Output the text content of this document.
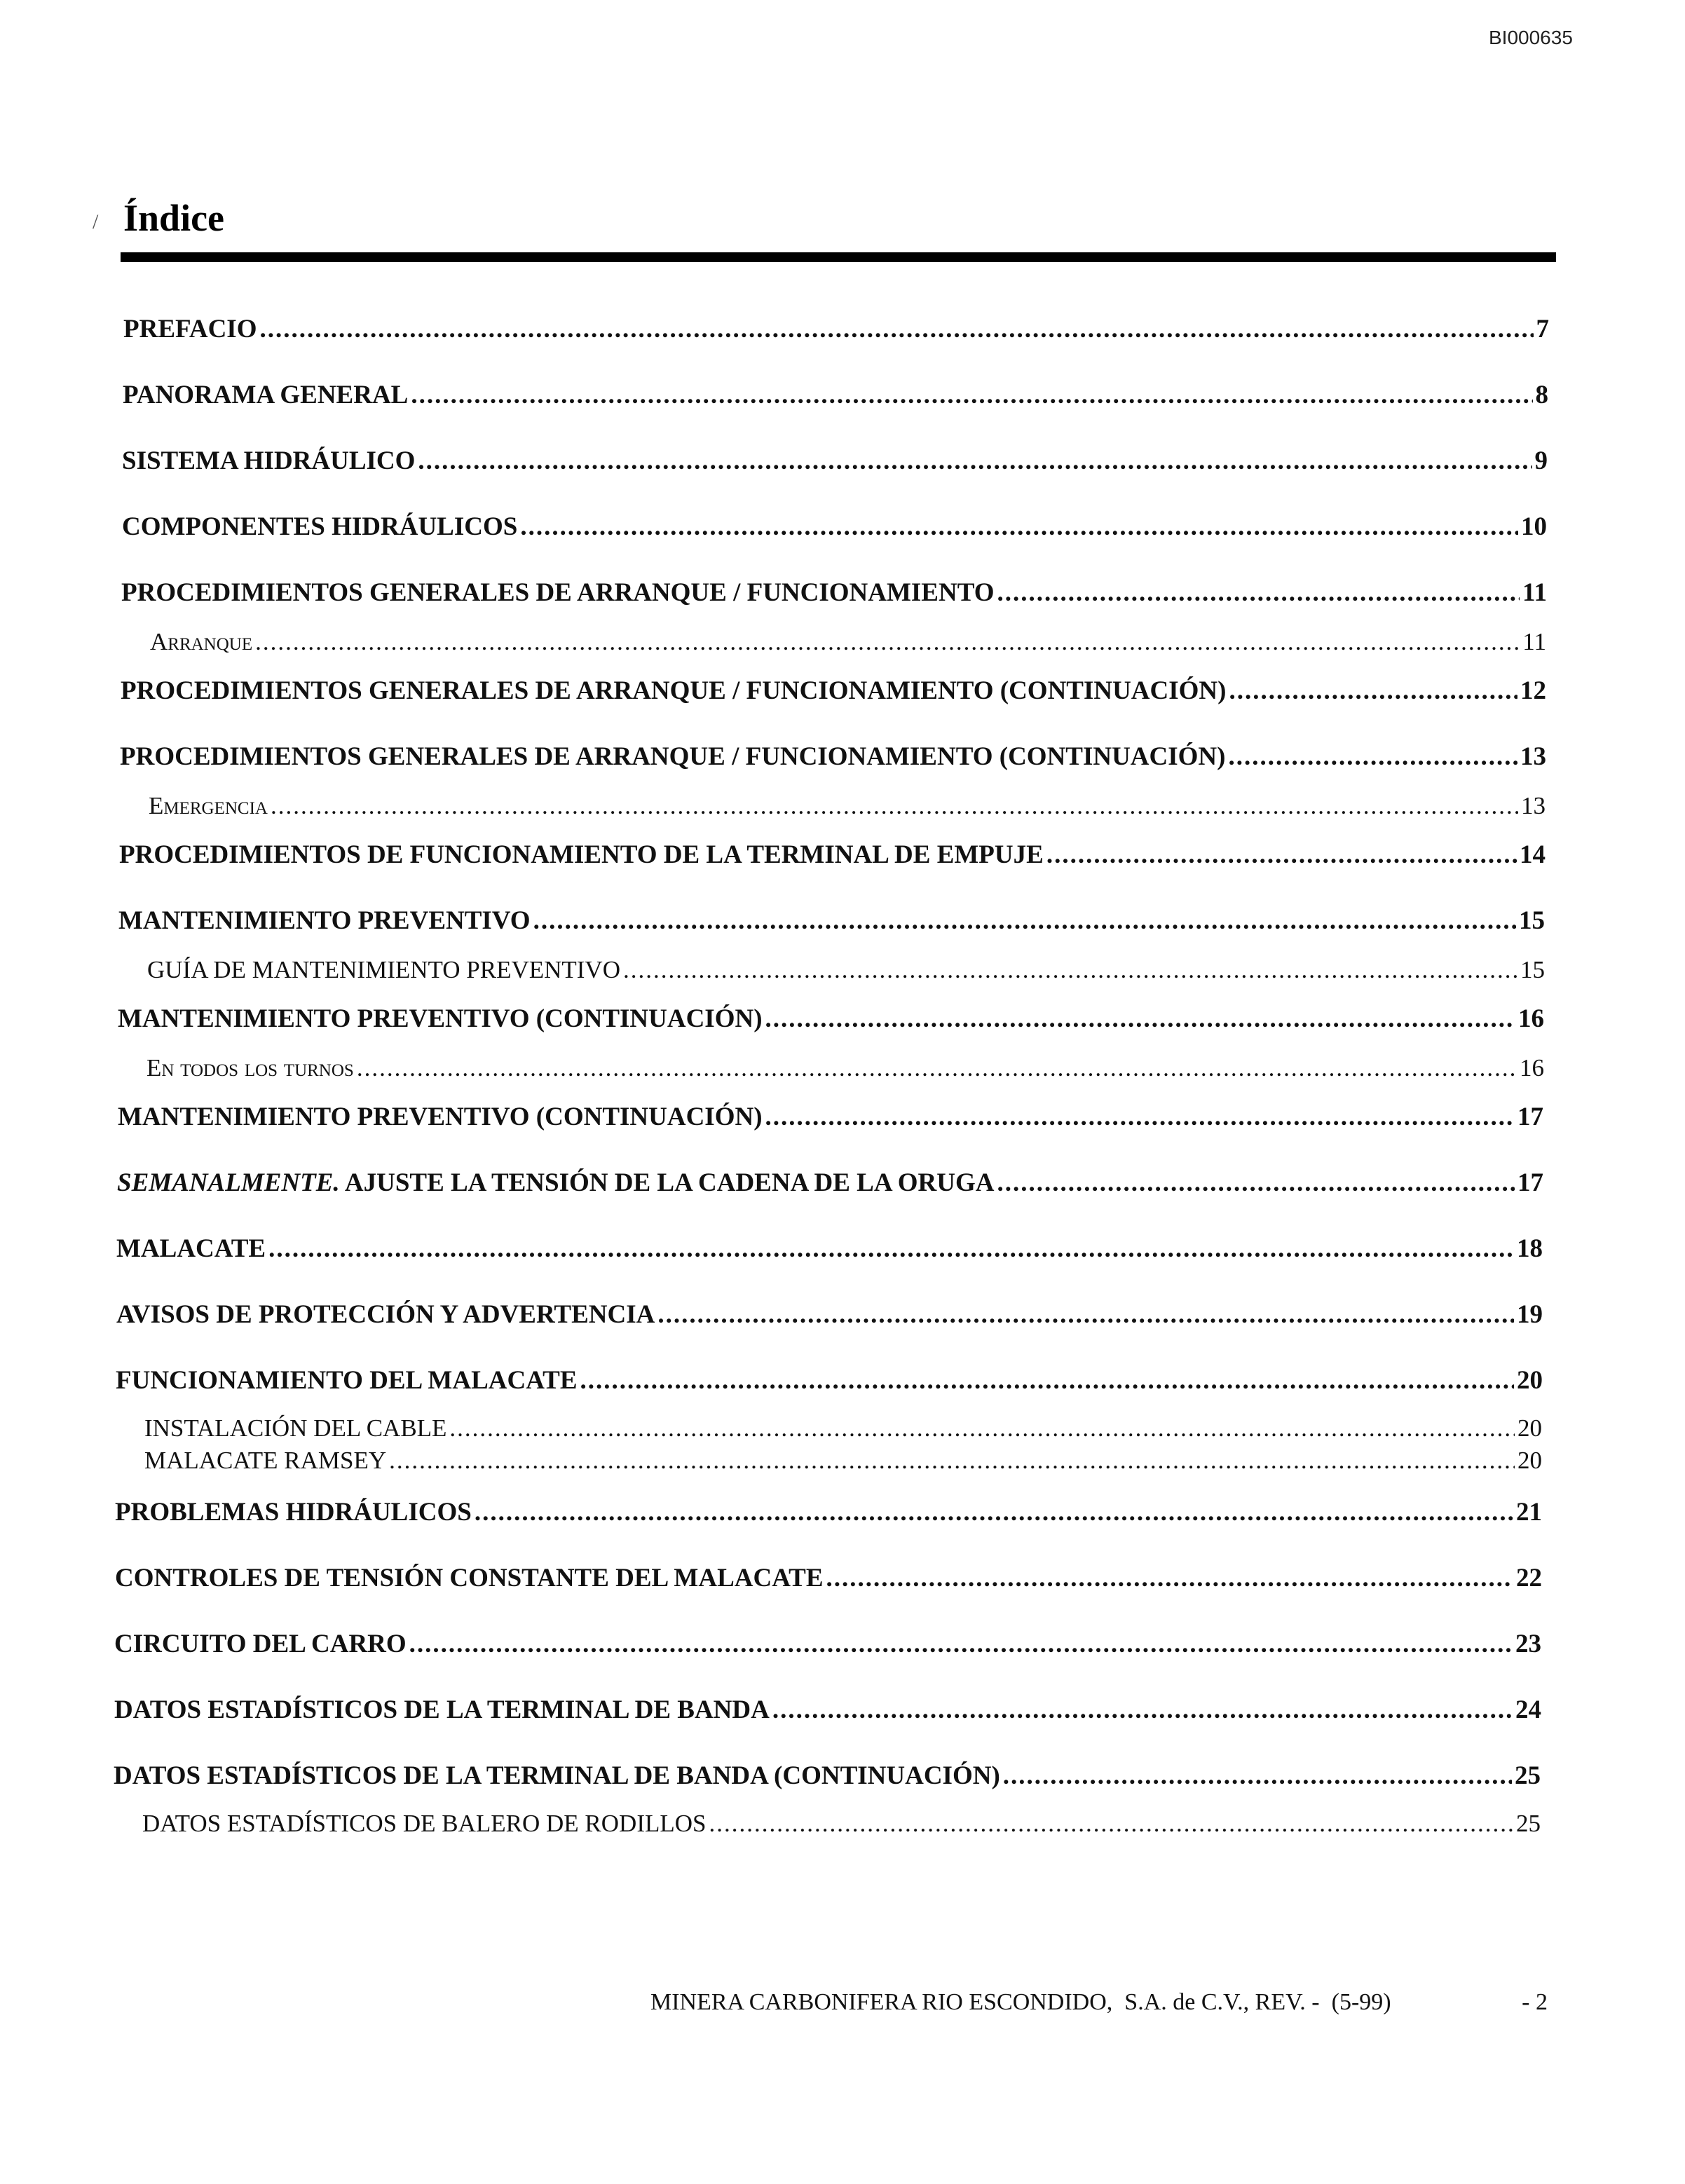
BI000635
/ Índice
PREFACIO .....	7
PANORAMA GENERAL .....	8
SISTEMA HIDRÁULICO .....	9
COMPONENTES HIDRÁULICOS .....	10
PROCEDIMIENTOS GENERALES DE ARRANQUE / FUNCIONAMIENTO .....	11
Arranque .....	11
PROCEDIMIENTOS GENERALES DE ARRANQUE / FUNCIONAMIENTO (CONTINUACIÓN) .....	12
PROCEDIMIENTOS GENERALES DE ARRANQUE / FUNCIONAMIENTO (CONTINUACIÓN) .....	13
Emergencia .....	13
PROCEDIMIENTOS DE FUNCIONAMIENTO DE LA TERMINAL DE EMPUJE .....	14
MANTENIMIENTO PREVENTIVO .....	15
GUÍA DE MANTENIMIENTO PREVENTIVO .....	15
MANTENIMIENTO PREVENTIVO (CONTINUACIÓN) .....	16
En todos los turnos .....	16
MANTENIMIENTO PREVENTIVO (CONTINUACIÓN) .....	17
SEMANALMENTE. AJUSTE LA TENSIÓN DE LA CADENA DE LA ORUGA .....	17
MALACATE .....	18
AVISOS DE PROTECCIÓN Y ADVERTENCIA .....	19
FUNCIONAMIENTO DEL MALACATE .....	20
INSTALACIÓN DEL CABLE .....	20
MALACATE RAMSEY .....	20
PROBLEMAS HIDRÁULICOS .....	21
CONTROLES DE TENSIÓN CONSTANTE DEL MALACATE .....	22
CIRCUITO DEL CARRO .....	23
DATOS ESTADÍSTICOS DE LA TERMINAL DE BANDA .....	24
DATOS ESTADÍSTICOS DE LA TERMINAL DE BANDA (CONTINUACIÓN) .....	25
DATOS ESTADÍSTICOS DE BALERO DE RODILLOS .....	25
MINERA CARBONIFERA RIO ESCONDIDO,  S.A. de C.V., REV. -  (5-99)	- 2
